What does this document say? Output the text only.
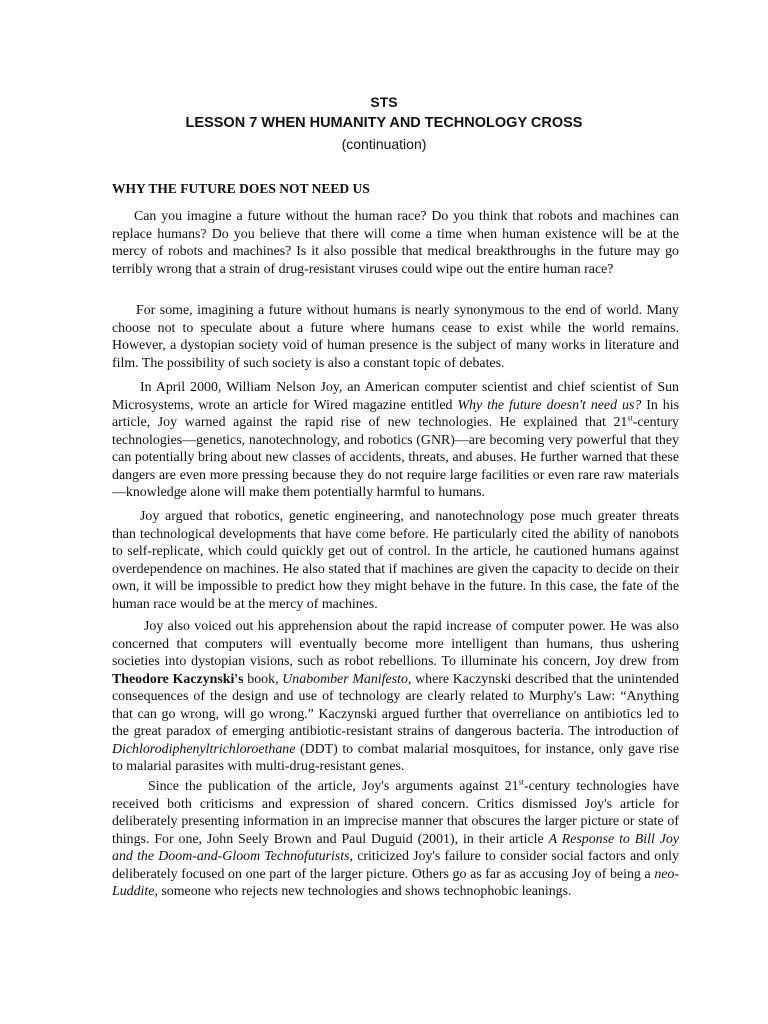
STS
LESSON 7 WHEN HUMANITY AND TECHNOLOGY CROSS
(continuation)
WHY THE FUTURE DOES NOT NEED US

Can you imagine a future without the human race? Do you think that robots and machines can replace humans? Do you believe that there will come a time when human existence will be at the mercy of robots and machines? Is it also possible that medical breakthroughs in the future may go terribly wrong that a strain of drug-resistant viruses could wipe out the entire human race?

For some, imagining a future without humans is nearly synonymous to the end of world. Many choose not to speculate about a future where humans cease to exist while the world remains. However, a dystopian society void of human presence is the subject of many works in literature and film. The possibility of such society is also a constant topic of debates.

In April 2000, William Nelson Joy, an American computer scientist and chief scientist of Sun Microsystems, wrote an article for Wired magazine entitled Why the future doesn't need us? In his article, Joy warned against the rapid rise of new technologies. He explained that 21st-century technologies—genetics, nanotechnology, and robotics (GNR)—are becoming very powerful that they can potentially bring about new classes of accidents, threats, and abuses. He further warned that these dangers are even more pressing because they do not require large facilities or even rare raw materials—knowledge alone will make them potentially harmful to humans.

Joy argued that robotics, genetic engineering, and nanotechnology pose much greater threats than technological developments that have come before. He particularly cited the ability of nanobots to self-replicate, which could quickly get out of control. In the article, he cautioned humans against overdependence on machines. He also stated that if machines are given the capacity to decide on their own, it will be impossible to predict how they might behave in the future. In this case, the fate of the human race would be at the mercy of machines.

Joy also voiced out his apprehension about the rapid increase of computer power. He was also concerned that computers will eventually become more intelligent than humans, thus ushering societies into dystopian visions, such as robot rebellions. To illuminate his concern, Joy drew from Theodore Kaczynski's book, Unabomber Manifesto, where Kaczynski described that the unintended consequences of the design and use of technology are clearly related to Murphy's Law: “Anything that can go wrong, will go wrong.” Kaczynski argued further that overreliance on antibiotics led to the great paradox of emerging antibiotic-resistant strains of dangerous bacteria. The introduction of Dichlorodiphenyltrichloroethane (DDT) to combat malarial mosquitoes, for instance, only gave rise to malarial parasites with multi-drug-resistant genes.

Since the publication of the article, Joy's arguments against 21st-century technologies have received both criticisms and expression of shared concern. Critics dismissed Joy's article for deliberately presenting information in an imprecise manner that obscures the larger picture or state of things. For one, John Seely Brown and Paul Duguid (2001), in their article A Response to Bill Joy and the Doom-and-Gloom Technofuturists, criticized Joy's failure to consider social factors and only deliberately focused on one part of the larger picture. Others go as far as accusing Joy of being a neo-Luddite, someone who rejects new technologies and shows technophobic leanings.
